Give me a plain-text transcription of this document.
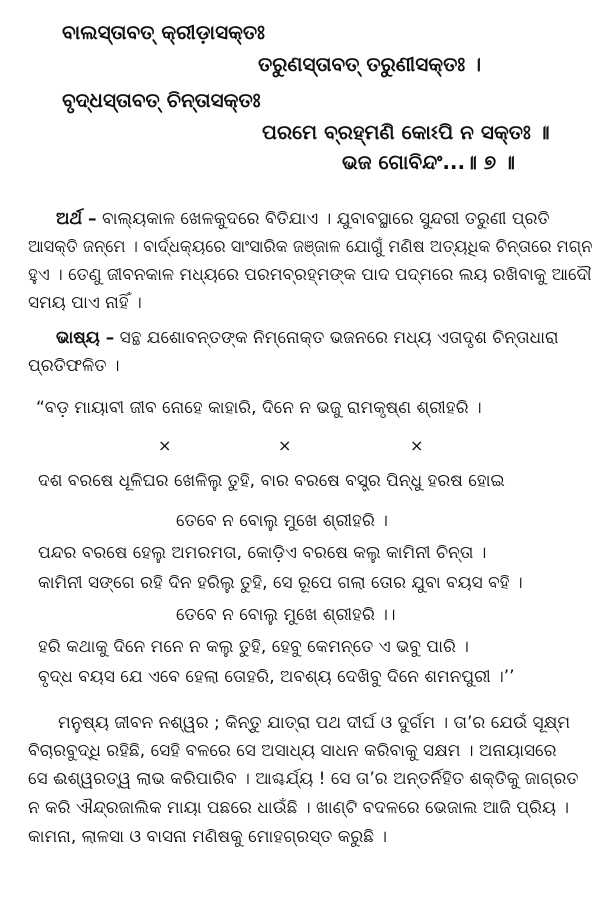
ବାଲସ୍ତାବତ୍ କ୍ରୀଡ଼ାସକ୍ତଃ
ତରୁଣସ୍ତାବତ୍ ତରୁଣୀସକ୍ତଃ ।
ବୃଦ୍ଧସ୍ତାବତ୍ ଚିନ୍ତାସକ୍ତଃ
ପରମେ ବ୍ରହ୍ମଣି କୋଽପି ନ ସକ୍ତଃ ॥
ଭଜ ଗୋବିନ୍ଦଂ...॥ ୭ ॥
ଅର୍ଥ – ବାଲ୍ୟକାଳ ଖେଳକୁଦରେ ବିତିଯାଏ । ଯୁବାବସ୍ଥାରେ ସୁନ୍ଦରୀ ତରୁଣୀ ପ୍ରତି
ଆସକ୍ତି ଜନ୍ମେ । ବାର୍ଦ୍ଧକ୍ୟରେ ସାଂସାରିକ ଜଞ୍ଜାଳ ଯୋଗୁଁ ମଣିଷ ଅତ୍ୟଧିକ ଚିନ୍ତାରେ ମଗ୍ନ
ହୁଏ । ତେଣୁ ଜୀବନକାଳ ମଧ୍ୟରେ ପରମବ୍ରହ୍ମଙ୍କ ପାଦ ପଦ୍ମରେ ଲୟ ରଖିବାକୁ ଆଦୌ
ସମୟ ପାଏ ନାହିଁ ।
ଭାଷ୍ୟ – ସନ୍ଥ ଯଶୋବନ୍ତଙ୍କ ନିମ୍ନୋକ୍ତ ଭଜନରେ ମଧ୍ୟ ଏତାଦୃଶ ଚିନ୍ତାଧାରା
ପ୍ରତିଫଳିତ ।
“ବଡ଼ ମାୟାବୀ ଜୀବ ନୋହେ କାହାରି, ଦିନେ ନ ଭଜୁ ରାମକୃଷ୍ଣ ଶ୍ରୀହରି ।
×	×	×
ଦଶ ବରଷେ ଧୂଳିଘର ଖେଳିଲୁ ତୁହି, ବାର ବରଷେ ବସ୍ତ୍ର ପିନ୍ଧୁ ହରଷ ହୋଇ
ତେବେ ନ ବୋଲୁ ମୁଖେ ଶ୍ରୀହରି ।
ପନ୍ଦର ବରଷେ ହେଲୁ ଅମରମତା, କୋଡ଼ିଏ ବରଷେ କଲୁ କାମିନୀ ଚିନ୍ତା ।
କାମିନୀ ସଙ୍ଗେ ରହି ଦିନ ହରିଲୁ ତୁହି, ସେ ରୂପେ ଗଲା ତୋର ଯୁବା ବୟସ ବହି ।
ତେବେ ନ ବୋଲୁ ମୁଖେ ଶ୍ରୀହରି ।।
ହରି କଥାକୁ ଦିନେ ମନେ ନ କଲୁ ତୁହି, ହେବୁ କେମନ୍ତେ ଏ ଭବୁ ପାରି ।
ବୃଦ୍ଧ ବୟସ ଯେ ଏବେ ହେଲା ତୋହରି, ଅବଶ୍ୟ ଦେଖିବୁ ଦିନେ ଶମନପୁରୀ ।’’
ମନୁଷ୍ୟ ଜୀବନ ନଶ୍ୱର ; କିନ୍ତୁ ଯାତ୍ରା ପଥ ଦୀର୍ଘ ଓ ଦୁର୍ଗମ । ତା’ର ଯେଉଁ ସୂକ୍ଷ୍ମ
ବିଚାରବୁଦ୍ଧି ରହିଛି, ସେହି ବଳରେ ସେ ଅସାଧ୍ୟ ସାଧନ କରିବାକୁ ସକ୍ଷମ । ଅନାୟାସରେ
ସେ ଈଶ୍ୱରତ୍ୱ ଲାଭ କରିପାରିବ । ଆଶ୍ଚର୍ଯ୍ୟ ! ସେ ତା’ର ଅନ୍ତର୍ନିହିତ ଶକ୍ତିକୁ ଜାଗ୍ରତ
ନ କରି ଐନ୍ଦ୍ରଜାଲିକ ମାୟା ପଛରେ ଧାଉଁଛି । ଖାଣ୍ଟି ବଦଳରେ ଭେଜାଲ ଆଜି ପ୍ରିୟ ।
କାମନା, ଲାଳସା ଓ ବାସନା ମଣିଷକୁ ମୋହଗ୍ରସ୍ତ କରୁଛି ।
